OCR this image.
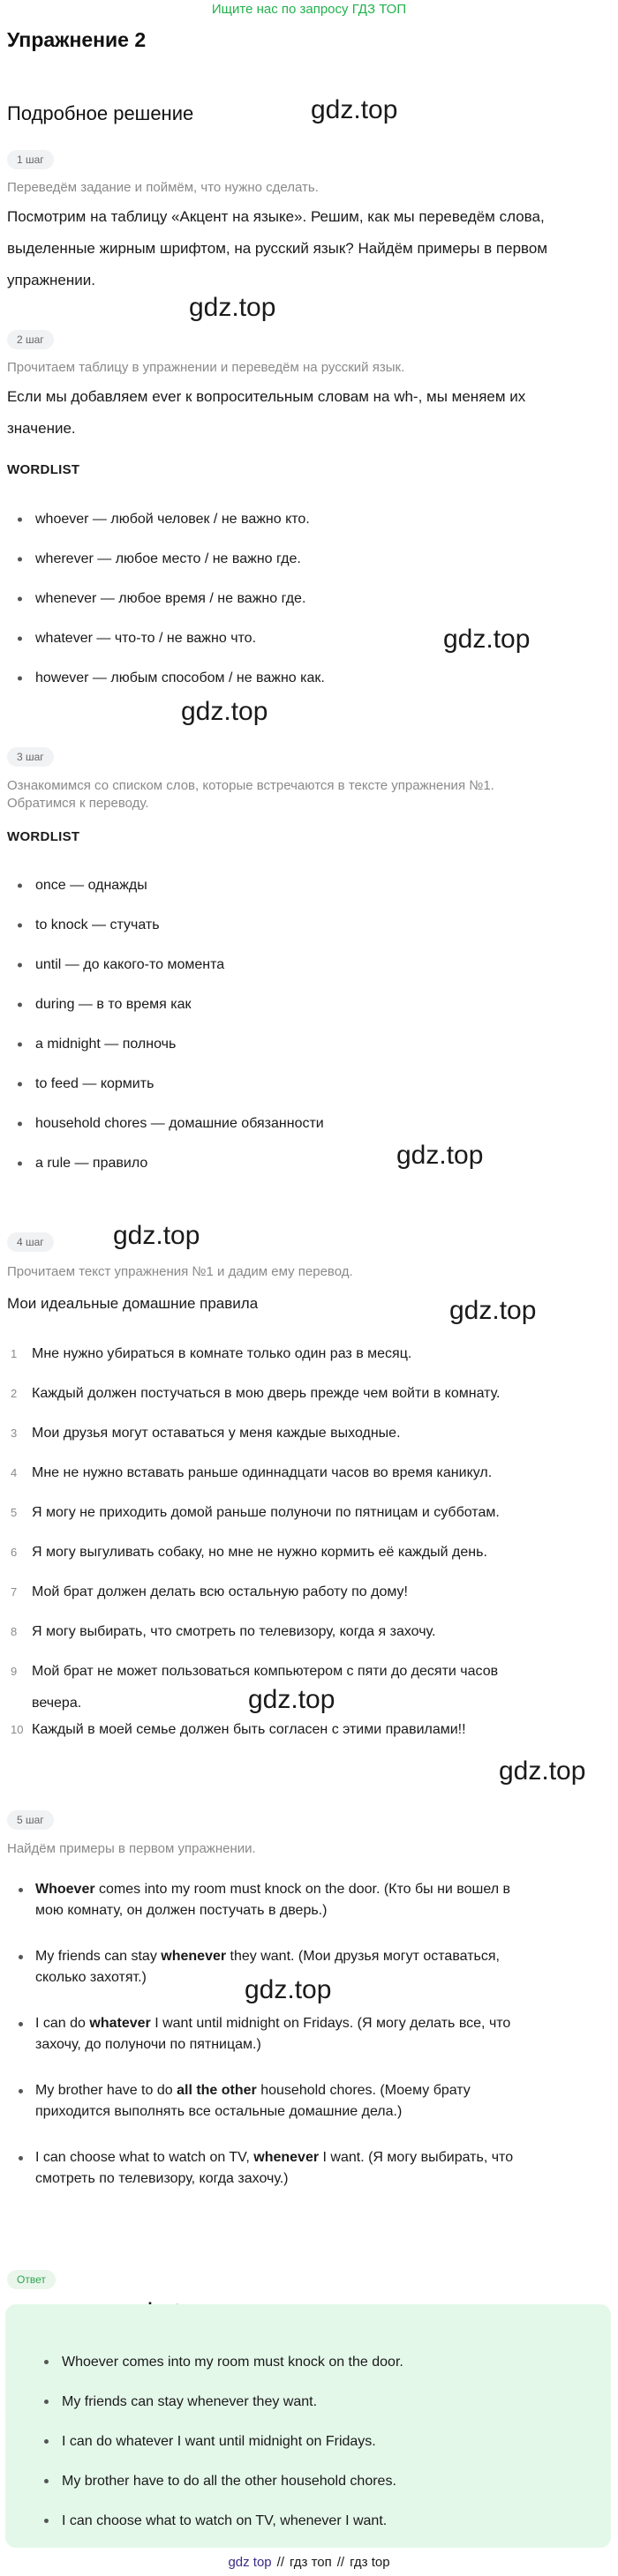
Ищите нас по запросу ГДЗ ТОП
Упражнение 2
Подробное решение	gdz.top
gdz.top
gdz.top
gdz.top
gdz.top
gdz.top
gdz.top
gdz.top
gdz.top
gdz.top
1 шаг
Переведём задание и поймём, что нужно сделать.
Посмотрим на таблицу «Акцент на языке». Решим, как мы переведём слова,
выделенные жирным шрифтом, на русский язык? Найдём примеры в первом
упражнении.
2 шаг
Прочитаем таблицу в упражнении и переведём на русский язык.
Если мы добавляем ever к вопросительным словам на wh-, мы меняем их
значение.
WORDLIST
whoever — любой человек / не важно кто.
wherever — любое место / не важно где.
whenever — любое время / не важно где.
whatever — что-то / не важно что.
however — любым способом / не важно как.
3 шаг
Ознакомимся со списком слов, которые встречаются в тексте упражнения №1.
Обратимся к переводу.
WORDLIST
once — однажды
to knock — стучать
until — до какого-то момента
during — в то время как
a midnight — полночь
to feed — кормить
household chores — домашние обязанности
a rule — правило
4 шаг
Прочитаем текст упражнения №1 и дадим ему перевод.
Мои идеальные домашние правила
1	Мне нужно убираться в комнате только один раз в месяц.
2	Каждый должен постучаться в мою дверь прежде чем войти в комнату.
3	Мои друзья могут оставаться у меня каждые выходные.
4	Мне не нужно вставать раньше одиннадцати часов во время каникул.
5	Я могу не приходить домой раньше полуночи по пятницам и субботам.
6	Я могу выгуливать собаку, но мне не нужно кормить её каждый день.
7	Мой брат должен делать всю остальную работу по дому!
8	Я могу выбирать, что смотреть по телевизору, когда я захочу.
9	Мой брат не может пользоваться компьютером с пяти до десяти часов
вечера.
10 Каждый в моей семье должен быть согласен с этими правилами!!
5 шаг
Найдём примеры в первом упражнении.
Whoever comes into my room must knock on the door. (Кто бы ни вошел в
мою комнату, он должен постучать в дверь.)
My friends can stay whenever they want. (Мои друзья могут оставаться,
сколько захотят.)
I can do whatever I want until midnight on Fridays. (Я могу делать все, что
захочу, до полуночи по пятницам.)
My brother have to do all the other household chores. (Моему брату
приходится выполнять все остальные домашние дела.)
I can choose what to watch on TV, whenever I want. (Я могу выбирать, что
смотреть по телевизору, когда захочу.)
Ответ
Whoever comes into my room must knock on the door.
My friends can stay whenever they want.
I can do whatever I want until midnight on Fridays.
My brother have to do all the other household chores.
I can choose what to watch on TV, whenever I want.
gdz top // гдз топ // гдз top
